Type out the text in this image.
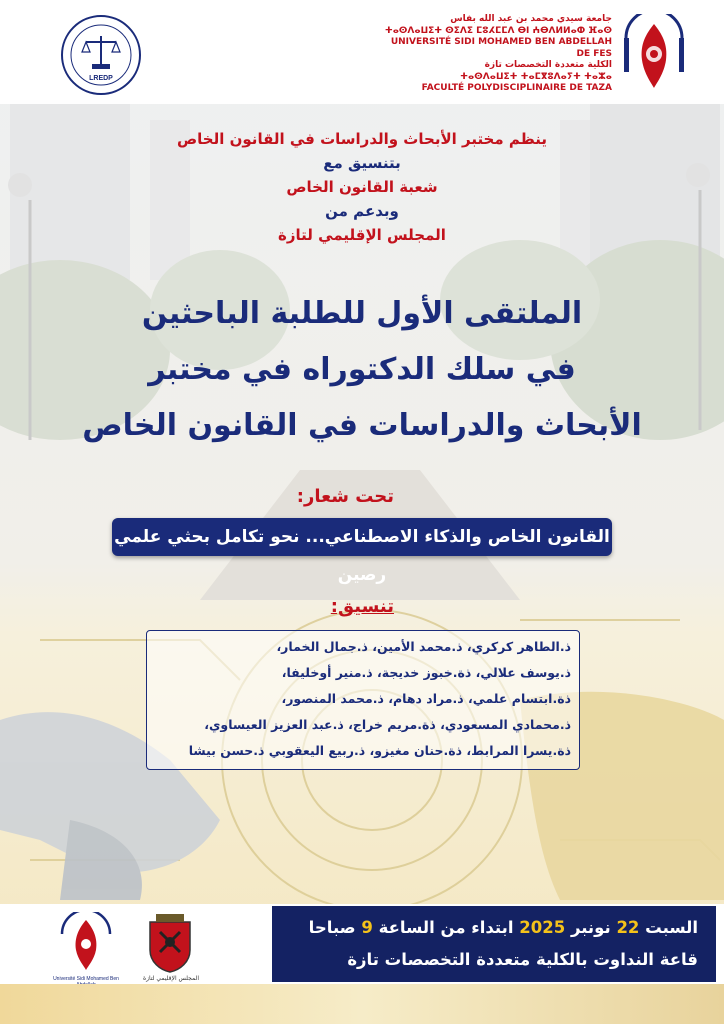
LREDP
جامعة سيدي محمد بن عبد الله بفاس
ⵜⴰⵙⴷⴰⵡⵉⵜ ⵙⵉⴷⵉ ⵎⵓⵃⵎⵎⴷ ⴱⵏ ⵄⴱⴷⵍⵍⴰⵀ ⴼⴰⵙ
UNIVERSITÉ SIDI MOHAMED BEN ABDELLAH DE FES
الكلية متعددة التخصصات تازة
ⵜⴰⵙⴷⴰⵡⵉⵜ ⵜⴰⵎⴳⵓⴷⴰⵢⵜ ⵜⴰⵣⴰ
FACULTÉ POLYDISCIPLINAIRE DE TAZA
ينظم مختبر الأبحاث والدراسات في القانون الخاص
بتنسيق مع
شعبة القانون الخاص
وبدعم من
المجلس الإقليمي لتازة
الملتقى الأول للطلبة الباحثين
في سلك الدكتوراه في مختبر
الأبحاث والدراسات في القانون الخاص
تحت شعار:
القانون الخاص والذكاء الاصطناعي... نحو تكامل بحثي علمي رصين
تنسيق:
ذ.الطاهر كركري، ذ.محمد الأمين، ذ.جمال الخمار،
ذ.يوسف علالي، ذة.خبوز خديجة، ذ.منير أوخليفا،
ذة.ابتسام علمي، ذ.مراد دهام، ذ.محمد المنصور،
ذ.محمادي المسعودي، ذة.مريم خراج، ذ.عبد العزيز العيساوي،
ذة.يسرا المرابط، ذة.حنان مغيزو، ذ.ربيع اليعقوبي ذ.حسن بيشا
Université Sidi Mohamed Ben	المجلس الإقليمي لتازة
السبت 22 نونبر 2025 ابتداء من الساعة 9 صباحا
قاعة النداوت بالكلية متعددة التخصصات تازة
